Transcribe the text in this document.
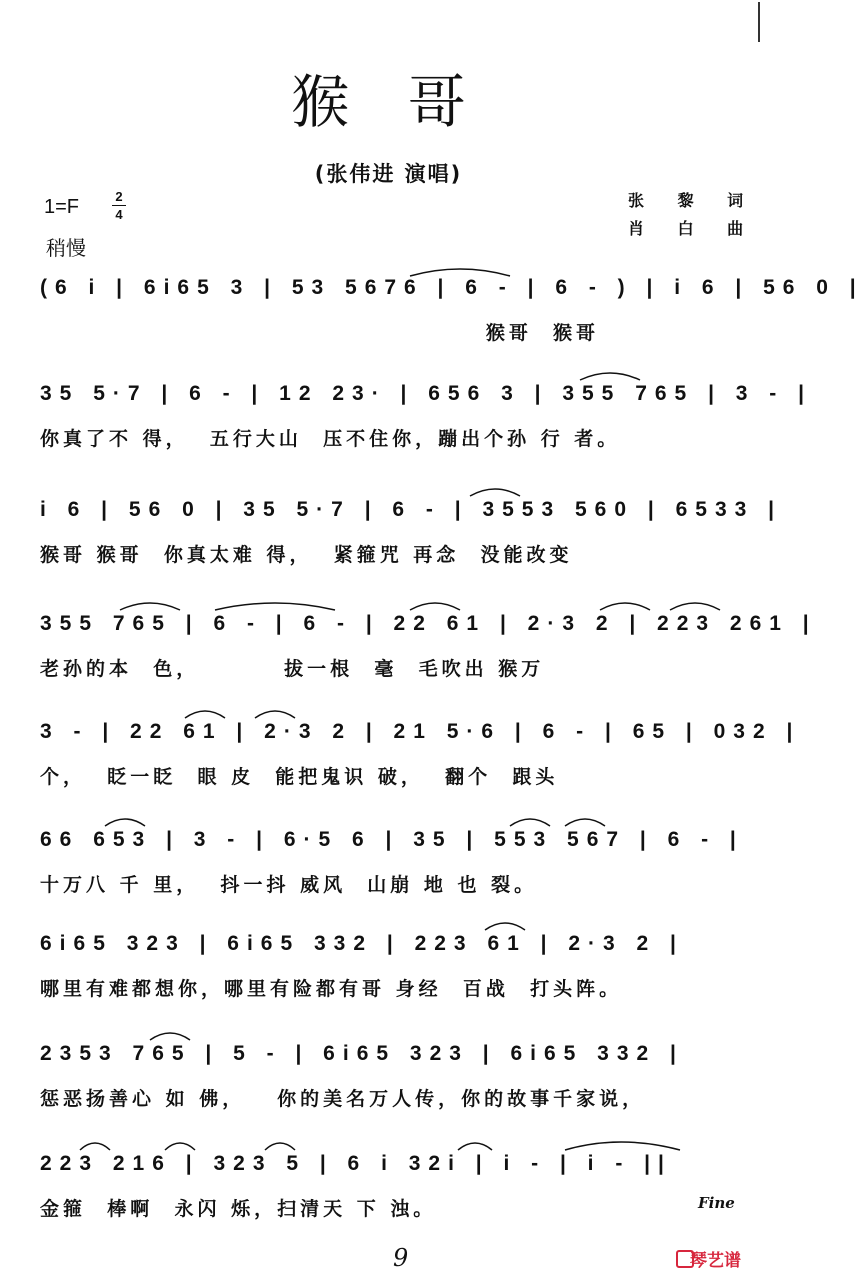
猴 哥
(张伟进 演唱)
1=F	2
4
稍慢
张 黎 词
肖 白 曲
(6 i | 6i65 3 | 53 5676 | 6 - | 6 - ) | i 6 | 56 0 |
猴哥  猴哥
35 5·7 | 6 - | 12 23· | 656 3 | 355 765 | 3 - |
你真了不 得，  五行大山  压不住你，蹦出个孙 行 者。
i 6 | 56 0 | 35 5·7 | 6 - | 3553 560 | 6533 |
猴哥 猴哥  你真太难 得，  紧箍咒 再念  没能改变
355 765 | 6 - | 6 - | 22 61 | 2·3 2 | 223 261 |
老孙的本  色，        拔一根  毫  毛吹出 猴万
3 - | 22 61 | 2·3 2 | 21 5·6 | 6 - | 65 | 032 |
个，  眨一眨  眼 皮  能把鬼识 破，  翻个  跟头
66 653 | 3 - | 6·5 6 | 35 | 553 567 | 6 - |
十万八 千 里，  抖一抖 威风  山崩 地 也 裂。
6i65 323 | 6i65 332 | 223 61 | 2·3 2 |
哪里有难都想你，哪里有险都有哥 身经  百战  打头阵。
2353 765 | 5 - | 6i65 323 | 6i65 332 |
惩恶扬善心 如 佛，   你的美名万人传，你的故事千家说，
223 216 | 323 5 | 6 i 32i | i - | i - ||
金箍  棒啊  永闪 烁，扫清天 下 浊。	Fine
9	琴艺谱
